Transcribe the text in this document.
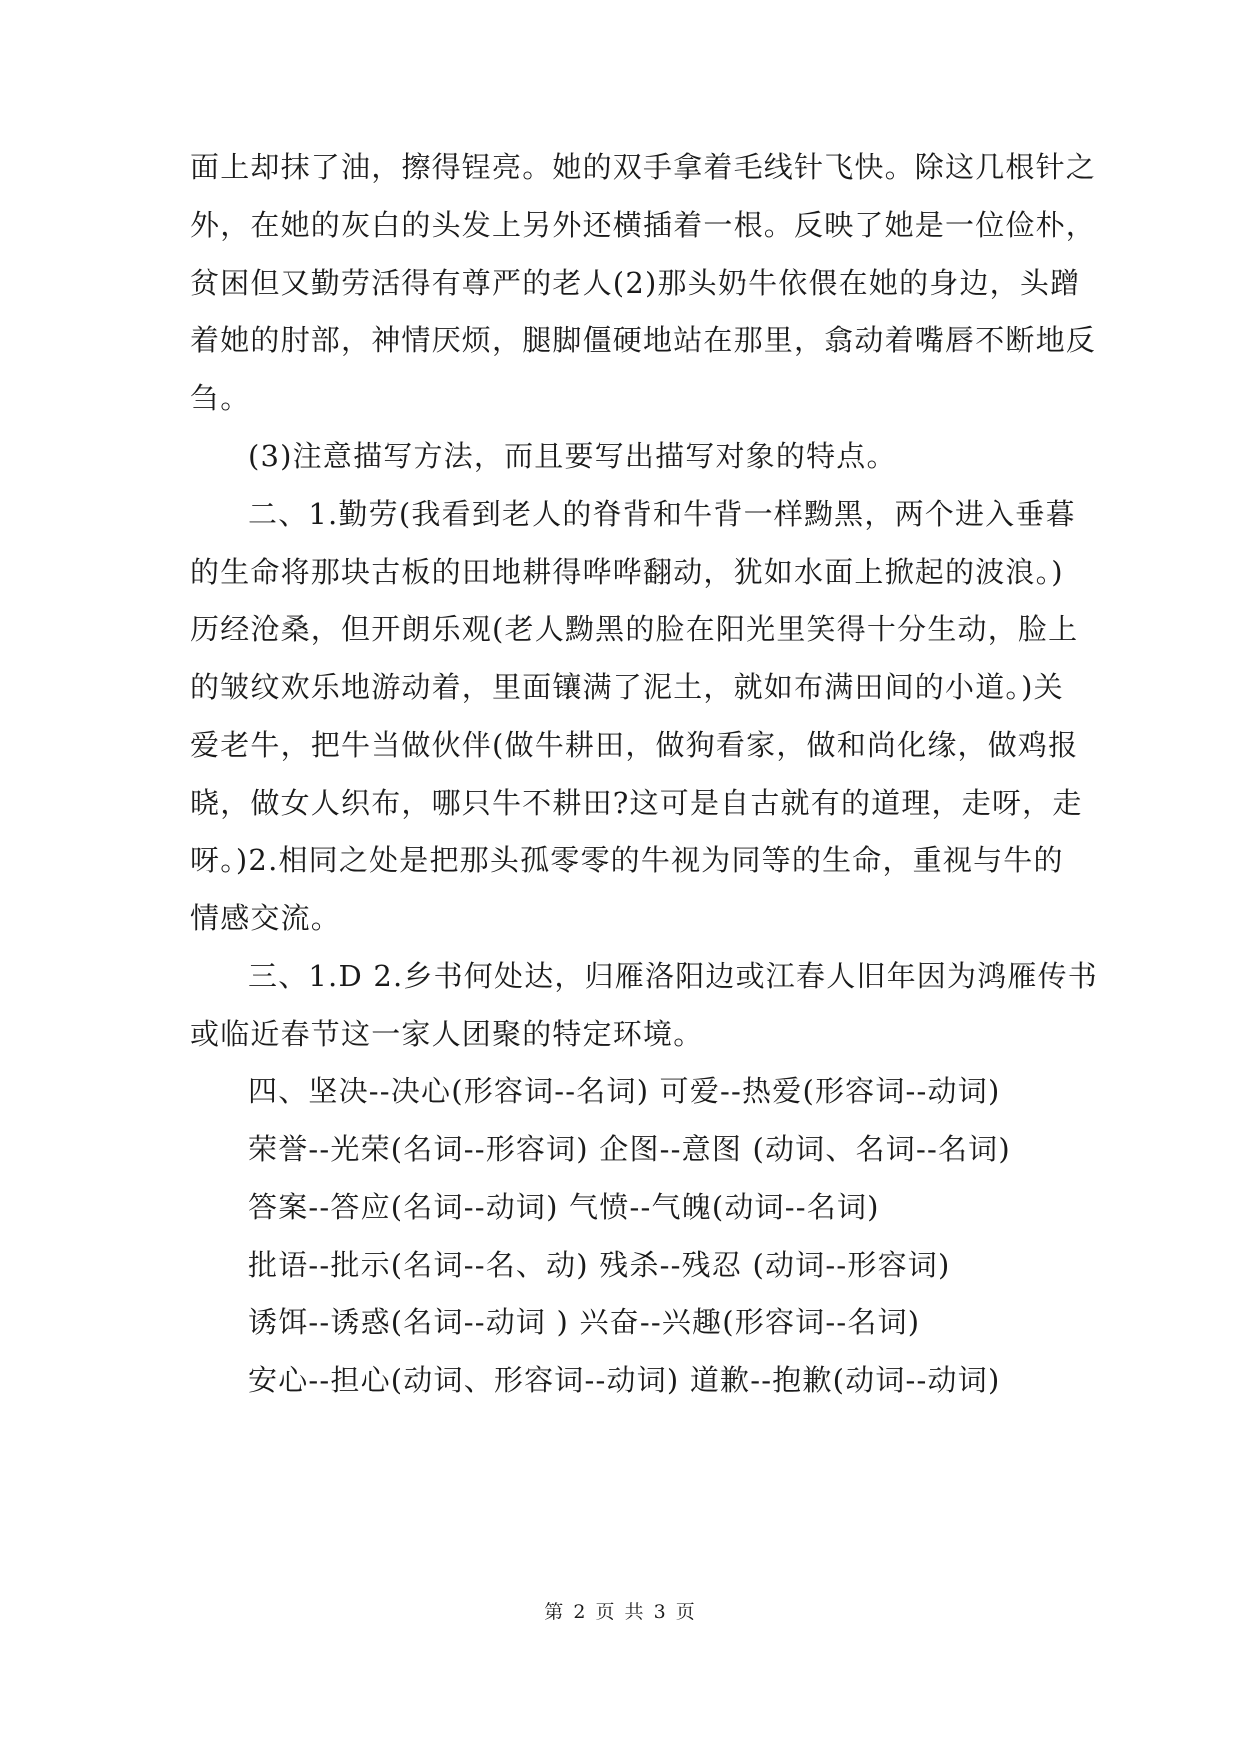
面上却抹了油，擦得锃亮。她的双手拿着毛线针飞快。除这几根针之
外，在她的灰白的头发上另外还横插着一根。反映了她是一位俭朴，
贫困但又勤劳活得有尊严的老人(2)那头奶牛依偎在她的身边，头蹭
着她的肘部，神情厌烦，腿脚僵硬地站在那里，翕动着嘴唇不断地反
刍。
(3)注意描写方法，而且要写出描写对象的特点。
二、1.勤劳(我看到老人的脊背和牛背一样黝黑，两个进入垂暮
的生命将那块古板的田地耕得哗哗翻动，犹如水面上掀起的波浪。)
历经沧桑，但开朗乐观(老人黝黑的脸在阳光里笑得十分生动，脸上
的皱纹欢乐地游动着，里面镶满了泥土，就如布满田间的小道。)关
爱老牛，把牛当做伙伴(做牛耕田，做狗看家，做和尚化缘，做鸡报
晓，做女人织布，哪只牛不耕田?这可是自古就有的道理，走呀，走
呀。)2.相同之处是把那头孤零零的牛视为同等的生命，重视与牛的
情感交流。
三、1.D 2.乡书何处达，归雁洛阳边或江春人旧年因为鸿雁传书
或临近春节这一家人团聚的特定环境。
四、坚决--决心(形容词--名词) 可爱--热爱(形容词--动词)
荣誉--光荣(名词--形容词) 企图--意图 (动词、名词--名词)
答案--答应(名词--动词) 气愤--气魄(动词--名词)
批语--批示(名词--名、动) 残杀--残忍 (动词--形容词)
诱饵--诱惑(名词--动词 ) 兴奋--兴趣(形容词--名词)
安心--担心(动词、形容词--动词) 道歉--抱歉(动词--动词)
第 2 页 共 3 页
